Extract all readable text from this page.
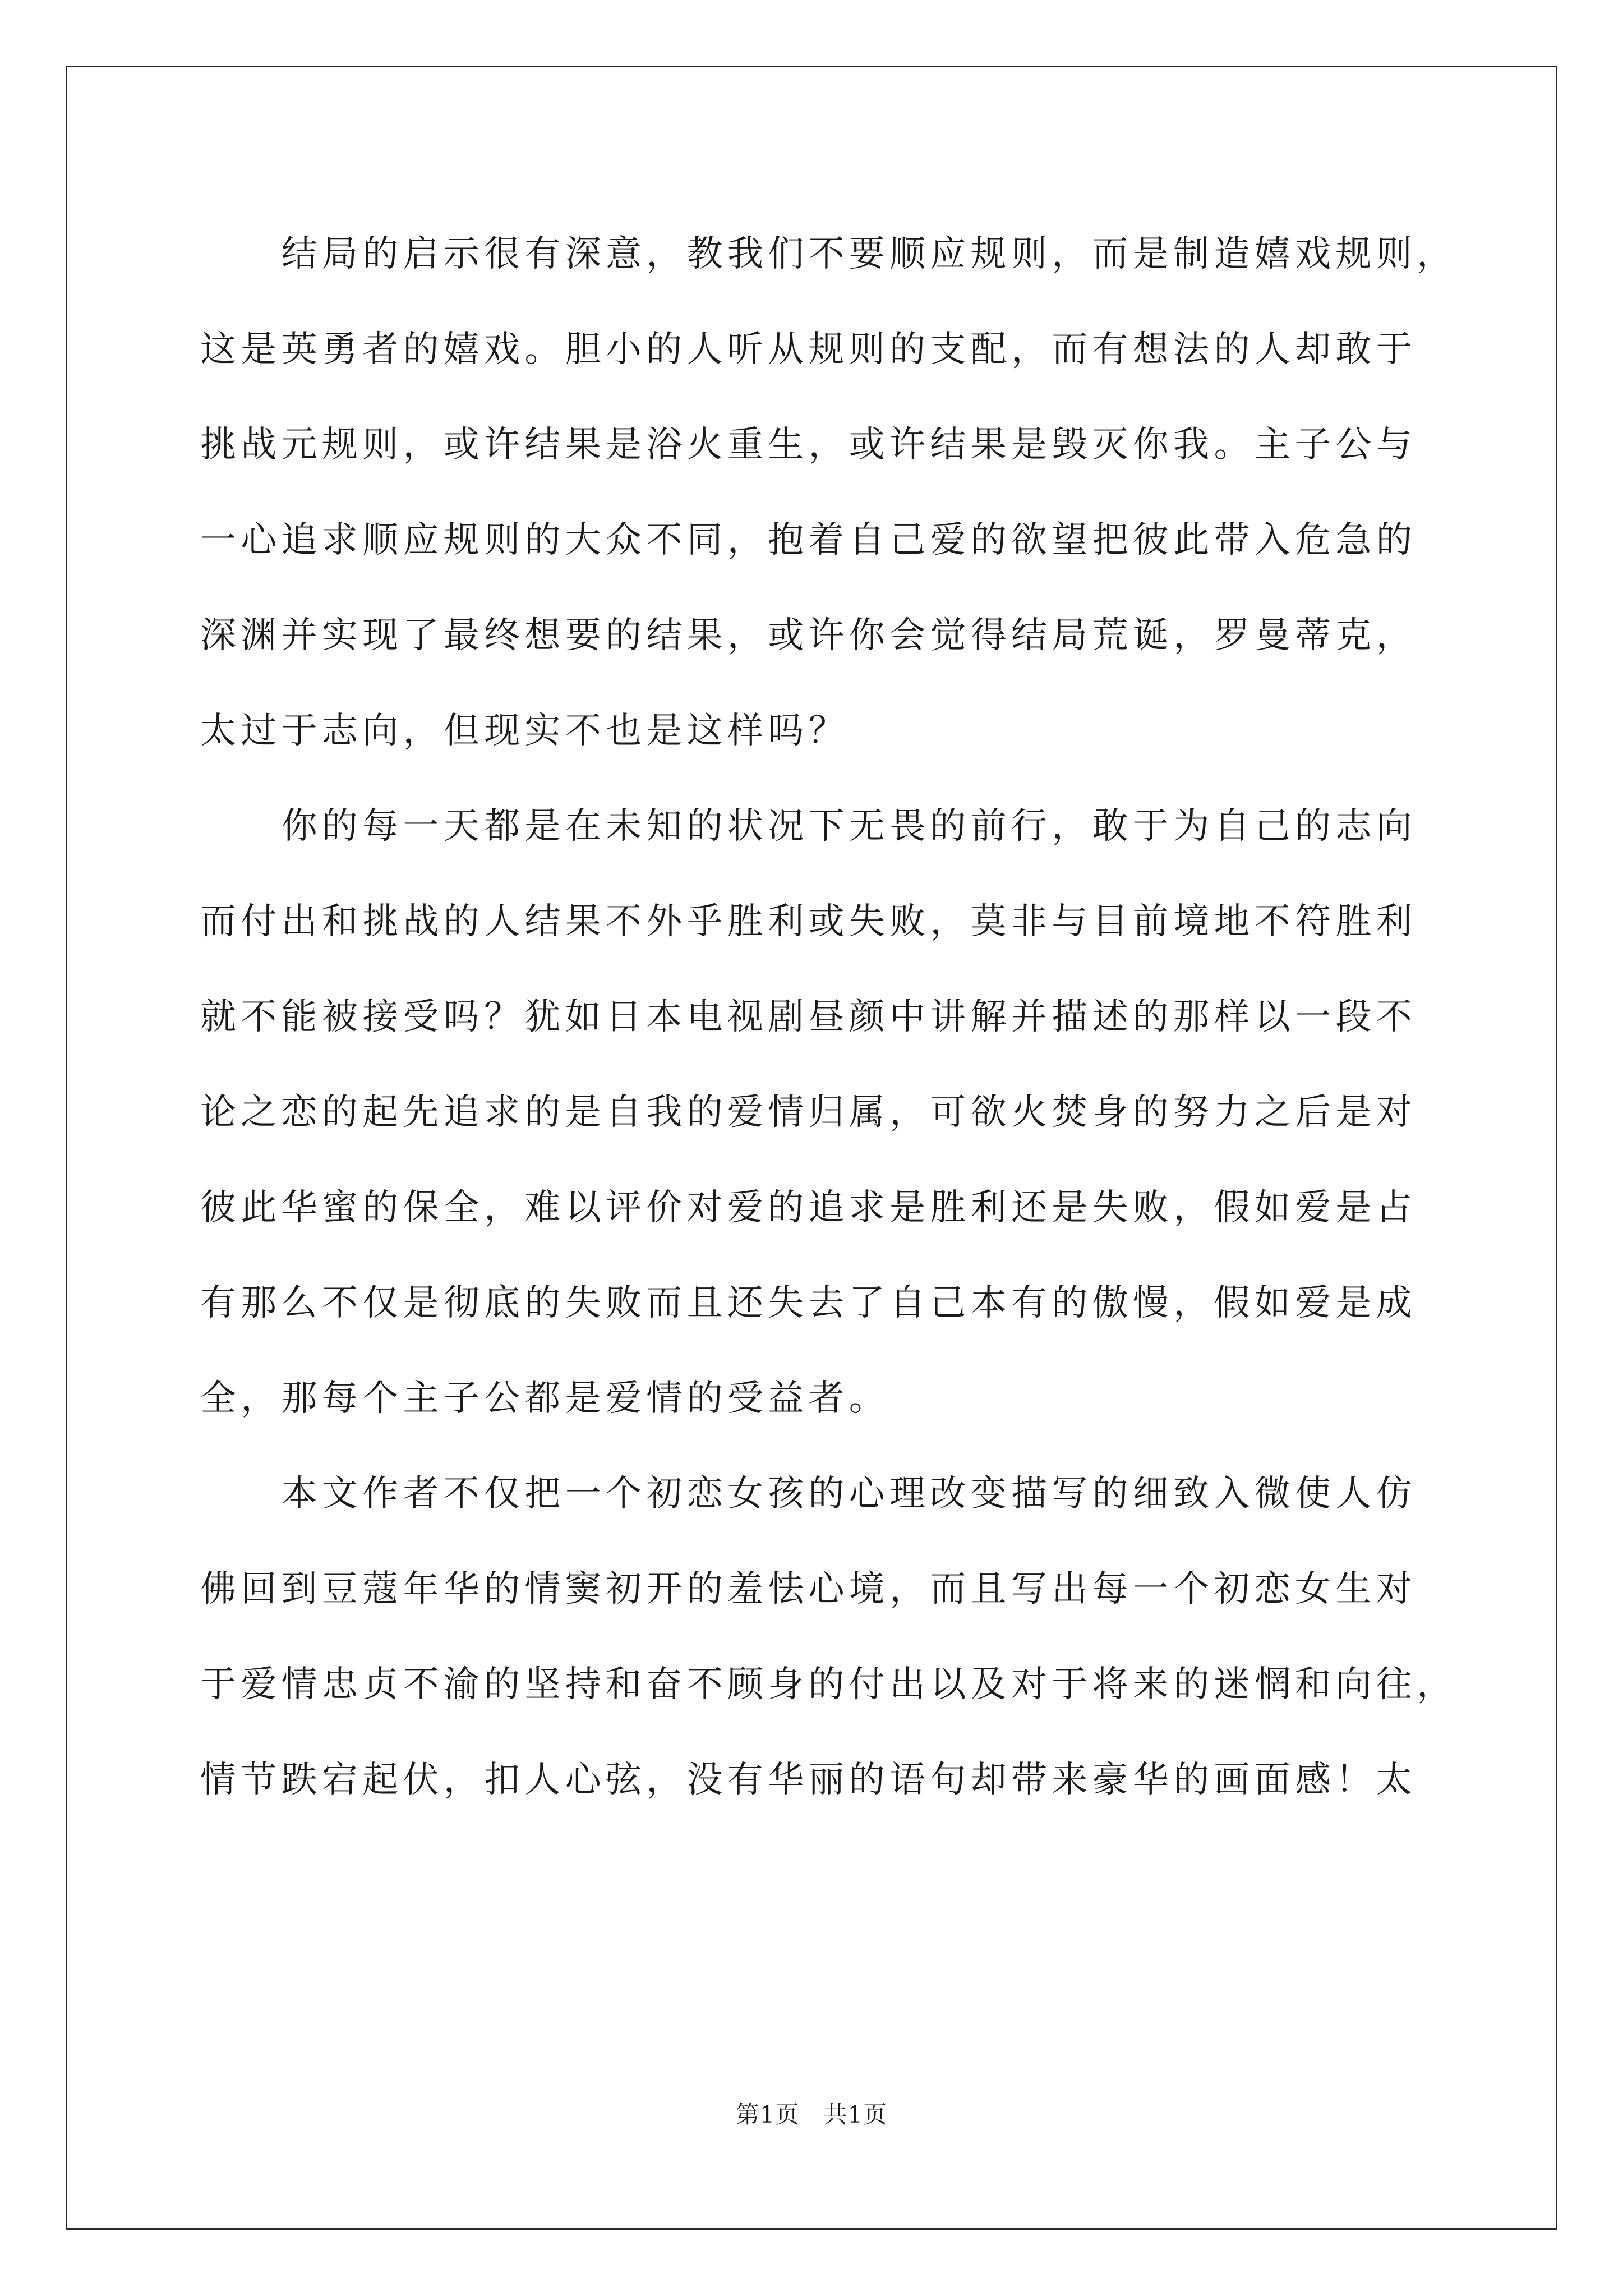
　　结局的启示很有深意，教我们不要顺应规则，而是制造嬉戏规则，
这是英勇者的嬉戏。胆小的人听从规则的支配，而有想法的人却敢于
挑战元规则，或许结果是浴火重生，或许结果是毁灭你我。主子公与
一心追求顺应规则的大众不同，抱着自己爱的欲望把彼此带入危急的
深渊并实现了最终想要的结果，或许你会觉得结局荒诞，罗曼蒂克，
太过于志向，但现实不也是这样吗？
　　你的每一天都是在未知的状况下无畏的前行，敢于为自己的志向
而付出和挑战的人结果不外乎胜利或失败，莫非与目前境地不符胜利
就不能被接受吗？犹如日本电视剧昼颜中讲解并描述的那样以一段不
论之恋的起先追求的是自我的爱情归属，可欲火焚身的努力之后是对
彼此华蜜的保全，难以评价对爱的追求是胜利还是失败，假如爱是占
有那么不仅是彻底的失败而且还失去了自己本有的傲慢，假如爱是成
全，那每个主子公都是爱情的受益者。
　　本文作者不仅把一个初恋女孩的心理改变描写的细致入微使人仿
佛回到豆蔻年华的情窦初开的羞怯心境，而且写出每一个初恋女生对
于爱情忠贞不渝的坚持和奋不顾身的付出以及对于将来的迷惘和向往，
情节跌宕起伏，扣人心弦，没有华丽的语句却带来豪华的画面感！太
第1页　共1页
